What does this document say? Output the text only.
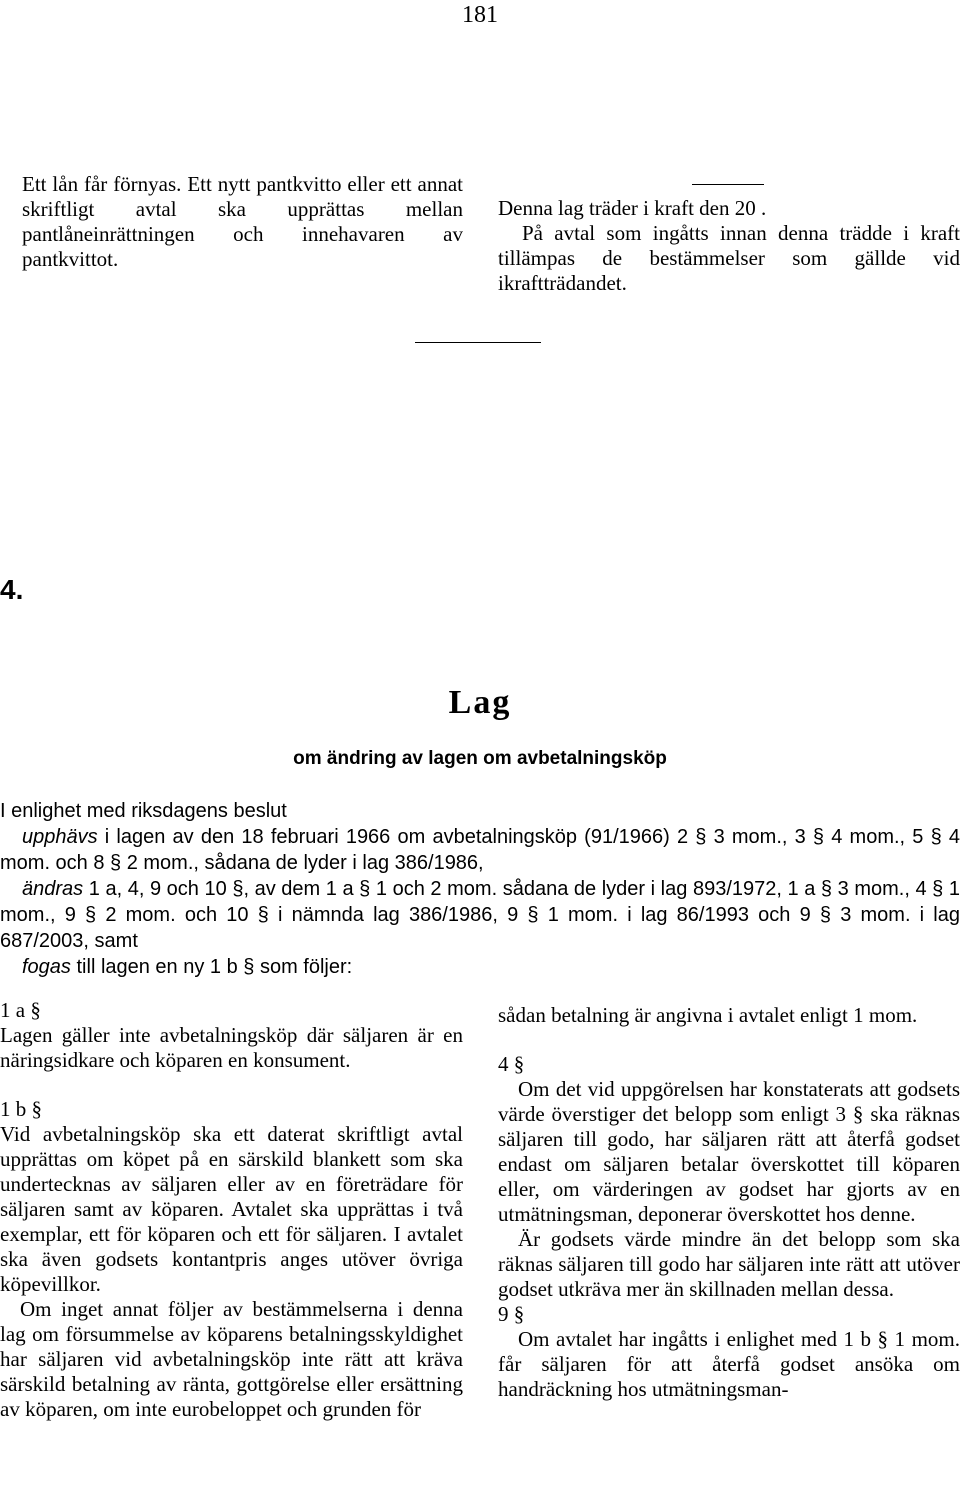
181
Ett lån får förnyas. Ett nytt pantkvitto eller ett annat skriftligt avtal ska upprättas mellan pantlåneinrättningen och innehavaren av pantkvittot.
Denna lag träder i kraft den 20 .
På avtal som ingåtts innan denna trädde i kraft tillämpas de bestämmelser som gällde vid ikraftträdandet.
4.
Lag
om ändring av lagen om avbetalningsköp

I enlighet med riksdagens beslut

upphävs i lagen av den 18 februari 1966 om avbetalningsköp (91/1966) 2 § 3 mom., 3 § 4 mom., 5 § 4 mom. och 8 § 2 mom., sådana de lyder i lag 386/1986,

ändras 1 a, 4, 9 och 10 §, av dem 1 a § 1 och 2 mom. sådana de lyder i lag 893/1972, 1 a § 3 mom., 4 § 1 mom., 9 § 2 mom. och 10 § i nämnda lag 386/1986, 9 § 1 mom. i lag 86/1993 och 9 § 3 mom. i lag 687/2003, samt

fogas till lagen en ny 1 b § som följer:

1 a §

Lagen gäller inte avbetalningsköp där säljaren är en näringsidkare och köparen en konsument.

1 b §

Vid avbetalningsköp ska ett daterat skriftligt avtal upprättas om köpet på en särskild blankett som ska undertecknas av säljaren eller av en företrädare för säljaren samt av köparen. Avtalet ska upprättas i två exemplar, ett för köparen och ett för säljaren. I avtalet ska även godsets kontantpris anges utöver övriga köpevillkor.

Om inget annat följer av bestämmelserna i denna lag om försummelse av köparens betalningsskyldighet har säljaren vid avbetalningsköp inte rätt att kräva särskild betalning av ränta, gottgörelse eller ersättning av köparen, om inte eurobeloppet och grunden för

sådan betalning är angivna i avtalet enligt 1 mom.

4 §

Om det vid uppgörelsen har konstaterats att godsets värde överstiger det belopp som enligt 3 § ska räknas säljaren till godo, har säljaren rätt att återfå godset endast om säljaren betalar överskottet till köparen eller, om värderingen av godset har gjorts av en utmätningsman, deponerar överskottet hos denne.

Är godsets värde mindre än det belopp som ska räknas säljaren till godo har säljaren inte rätt att utöver godset utkräva mer än skillnaden mellan dessa.

9 §

Om avtalet har ingåtts i enlighet med 1 b § 1 mom. får säljaren för att återfå godset ansöka om handräckning hos utmätningsman-
